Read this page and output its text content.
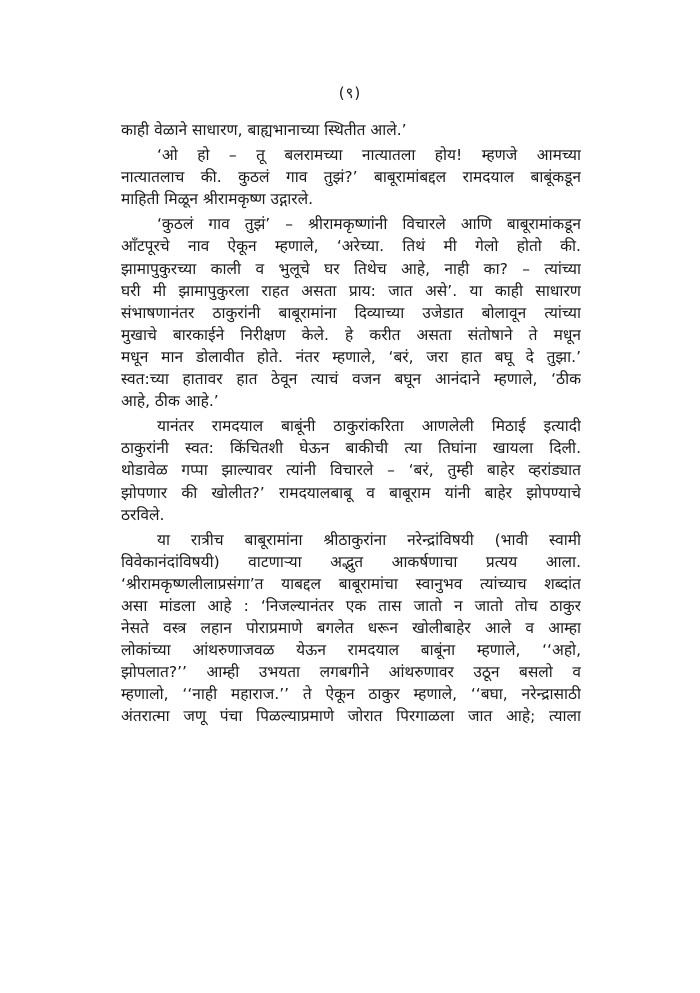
(९)
काही वेळाने साधारण, बाह्यभानाच्या स्थितीत आले.’
‘ओ हो – तू बलरामच्या नात्यातला होय! म्हणजे आमच्या
नात्यातलाच की. कुठलं गाव तुझं?’ बाबूरामांबद्दल रामदयाल बाबूंकडून
माहिती मिळून श्रीरामकृष्ण उद्गारले.
‘कुठलं गाव तुझं’ – श्रीरामकृष्णांनी विचारले आणि बाबूरामांकडून
आँटपूरचे नाव ऐकून म्हणाले, ‘अरेच्या. तिथं मी गेलो होतो की.
झामापुकुरच्या काली व भुलूचे घर तिथेच आहे, नाही का? – त्यांच्या
घरी मी झामापुकुरला राहत असता प्राय: जात असे’. या काही साधारण
संभाषणानंतर ठाकुरांनी बाबूरामांना दिव्याच्या उजेडात बोलावून त्यांच्या
मुखाचे बारकाईने निरीक्षण केले. हे करीत असता संतोषाने ते मधून
मधून मान डोलावीत होते. नंतर म्हणाले, ‘बरं, जरा हात बघू दे तुझा.’
स्वत:च्या हातावर हात ठेवून त्याचं वजन बघून आनंदाने म्हणाले, ‘ठीक
आहे, ठीक आहे.’
यानंतर रामदयाल बाबूंनी ठाकुरांकरिता आणलेली मिठाई इत्यादी
ठाकुरांनी स्वत: किंचितशी घेऊन बाकीची त्या तिघांना खायला दिली.
थोडावेळ गप्पा झाल्यावर त्यांनी विचारले – ‘बरं, तुम्ही बाहेर व्हरांड्यात
झोपणार की खोलीत?’ रामदयालबाबू व बाबूराम यांनी बाहेर झोपण्याचे
ठरविले.
या रात्रीच बाबूरामांना श्रीठाकुरांना नरेन्द्रांविषयी (भावी स्वामी
विवेकानंदांविषयी) वाटणाऱ्या अद्भुत आकर्षणाचा प्रत्यय आला.
‘श्रीरामकृष्णलीलाप्रसंगा’त याबद्दल बाबूरामांचा स्वानुभव त्यांच्याच शब्दांत
असा मांडला आहे : ‘निजल्यानंतर एक तास जातो न जातो तोच ठाकुर
नेसते वस्त्र लहान पोराप्रमाणे बगलेत धरून खोलीबाहेर आले व आम्हा
लोकांच्या आंथरुणाजवळ येऊन रामदयाल बाबूंना म्हणाले, ‘‘अहो,
झोपलात?’’ आम्ही उभयता लगबगीने आंथरुणावर उठून बसलो व
म्हणालो, ‘‘नाही महाराज.’’ ते ऐकून ठाकुर म्हणाले, ‘‘बघा, नरेन्द्रासाठी
अंतरात्मा जणू पंचा पिळल्याप्रमाणे जोरात पिरगाळला जात आहे; त्याला
